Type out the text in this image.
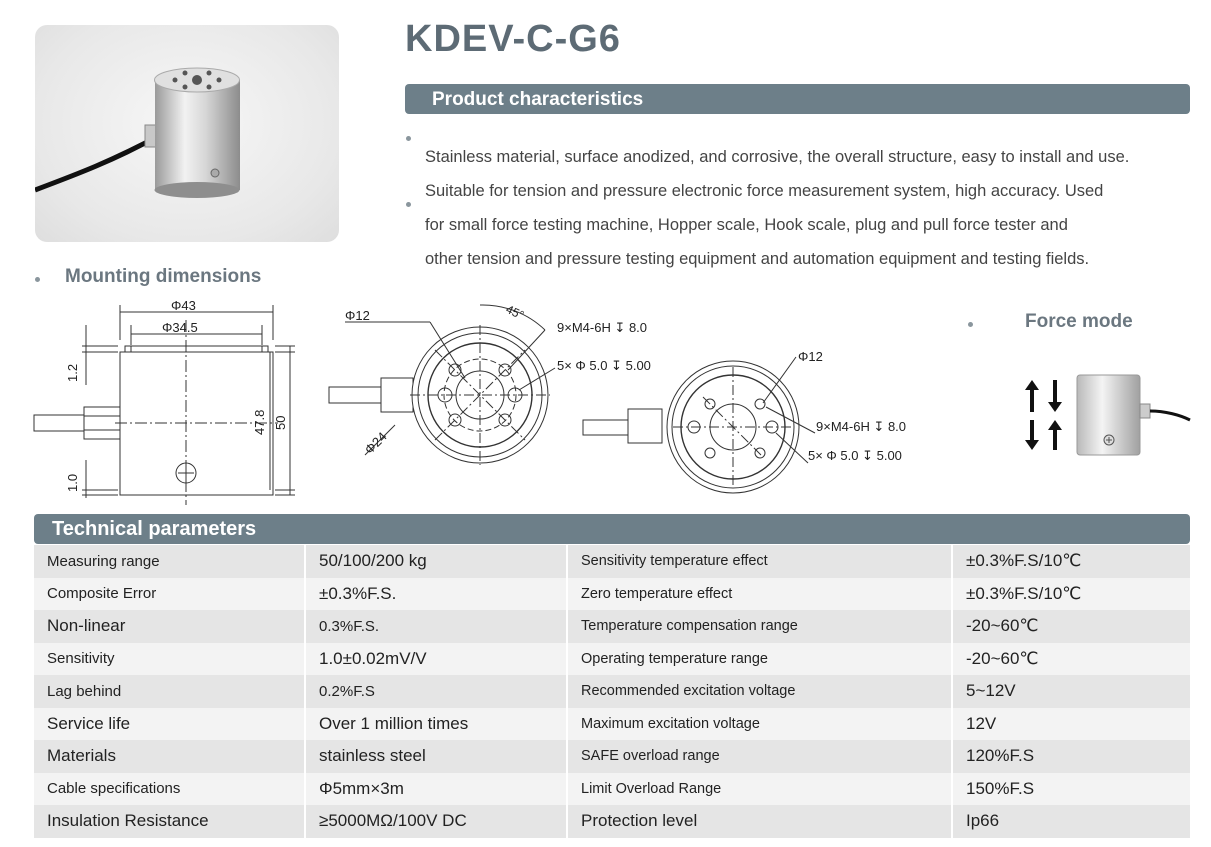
KDEV-C-G6
Product characteristics

Stainless material, surface anodized, and corrosive, the overall structure, easy to install and use.

Suitable for tension and pressure electronic force measurement system, high accuracy. Used

for small force testing machine, Hopper scale, Hook scale, plug and pull force tester and

other tension and pressure testing equipment and automation equipment and testing fields.

Mounting dimensions
Φ43
Φ34.5
1.2
1.0
47.8 50
Φ12	45°
9×M4-6H ↧ 8.0
5× Φ 5.0 ↧ 5.00
Φ24
Φ12
9×M4-6H ↧ 8.0
5× Φ 5.0 ↧ 5.00
Force mode
Technical parameters
Measuring range	50/100/200 kg	Sensitivity temperature effect	±0.3%F.S/10℃
Composite Error	±0.3%F.S.	Zero temperature effect	±0.3%F.S/10℃
Non-linear	0.3%F.S.	Temperature compensation range	-20~60℃
Sensitivity	1.0±0.02mV/V	Operating temperature range	-20~60℃
Lag behind	0.2%F.S	Recommended excitation voltage	5~12V
Service life	Over 1 million times	Maximum excitation voltage	12V
Materials	stainless steel	SAFE overload range	120%F.S
Cable specifications	Φ5mm×3m	Limit Overload Range	150%F.S
Insulation Resistance	≥5000MΩ/100V DC	Protection level	Ip66
